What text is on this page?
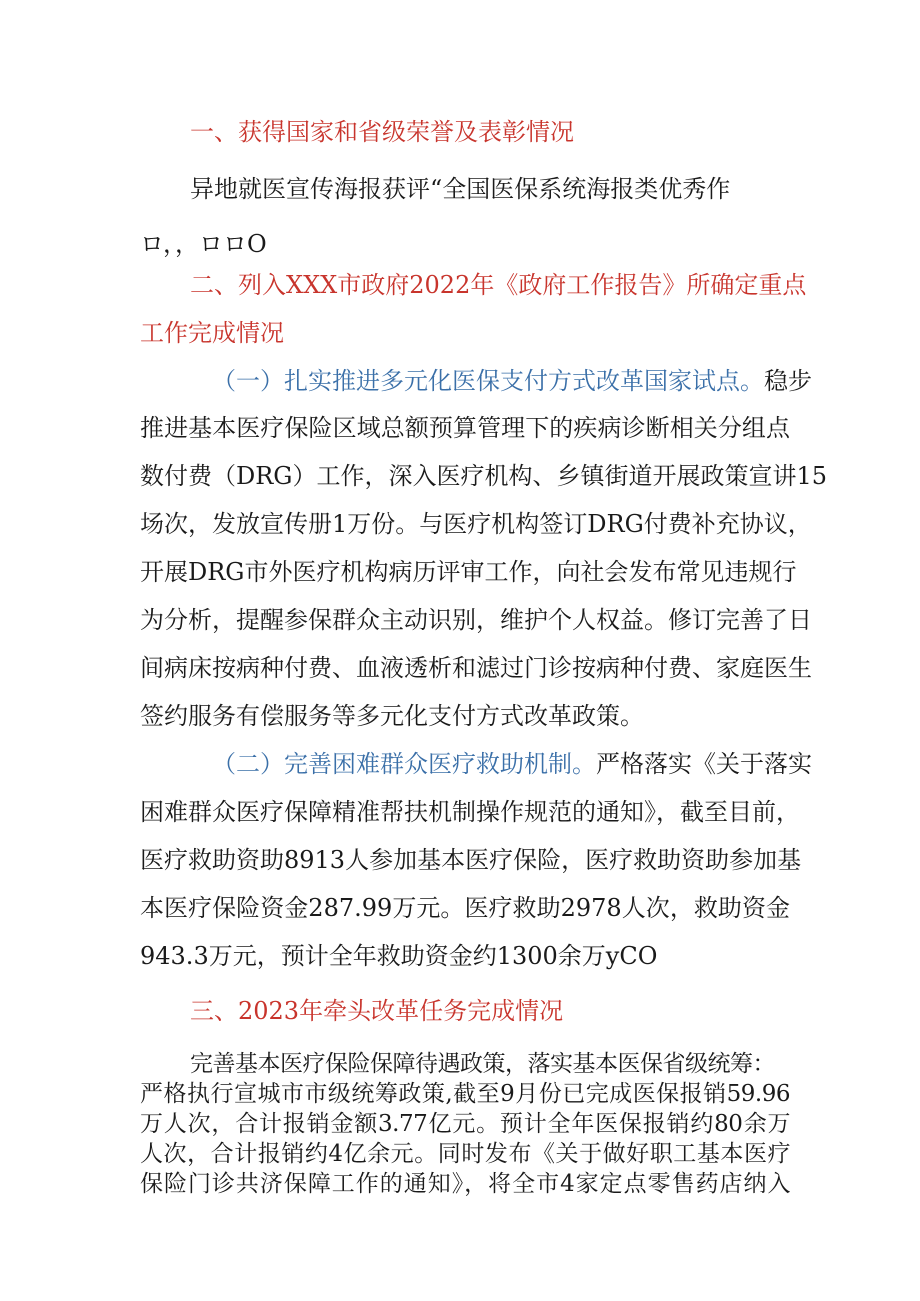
一、获得国家和省级荣誉及表彰情况
异地就医宣传海报获评“全国医保系统海报类优秀作
ロ，，ロロO
二、列入XXX市政府2022年《政府工作报告》所确定重点
工作完成情况
（一）扎实推进多元化医保支付方式改革国家试点。稳步
推进基本医疗保险区域总额预算管理下的疾病诊断相关分组点
数付费（DRG）工作，深入医疗机构、乡镇街道开展政策宣讲15
场次，发放宣传册1万份。与医疗机构签订DRG付费补充协议，
开展DRG市外医疗机构病历评审工作，向社会发布常见违规行
为分析，提醒参保群众主动识别，维护个人权益。修订完善了日
间病床按病种付费、血液透析和滤过门诊按病种付费、家庭医生
签约服务有偿服务等多元化支付方式改革政策。
（二）完善困难群众医疗救助机制。严格落实《关于落实
困难群众医疗保障精准帮扶机制操作规范的通知》，截至目前，
医疗救助资助8913人参加基本医疗保险，医疗救助资助参加基
本医疗保险资金287.99万元。医疗救助2978人次，救助资金
943.3万元，预计全年救助资金约1300余万yCO
三、2023年牵头改革任务完成情况
完善基本医疗保险保障待遇政策，落实基本医保省级统筹：
严格执行宣城市市级统筹政策,截至9月份已完成医保报销59.96
万人次，合计报销金额3.77亿元。预计全年医保报销约80余万
人次，合计报销约4亿余元。同时发布《关于做好职工基本医疗
保险门诊共济保障工作的通知》，将全市4家定点零售药店纳入
